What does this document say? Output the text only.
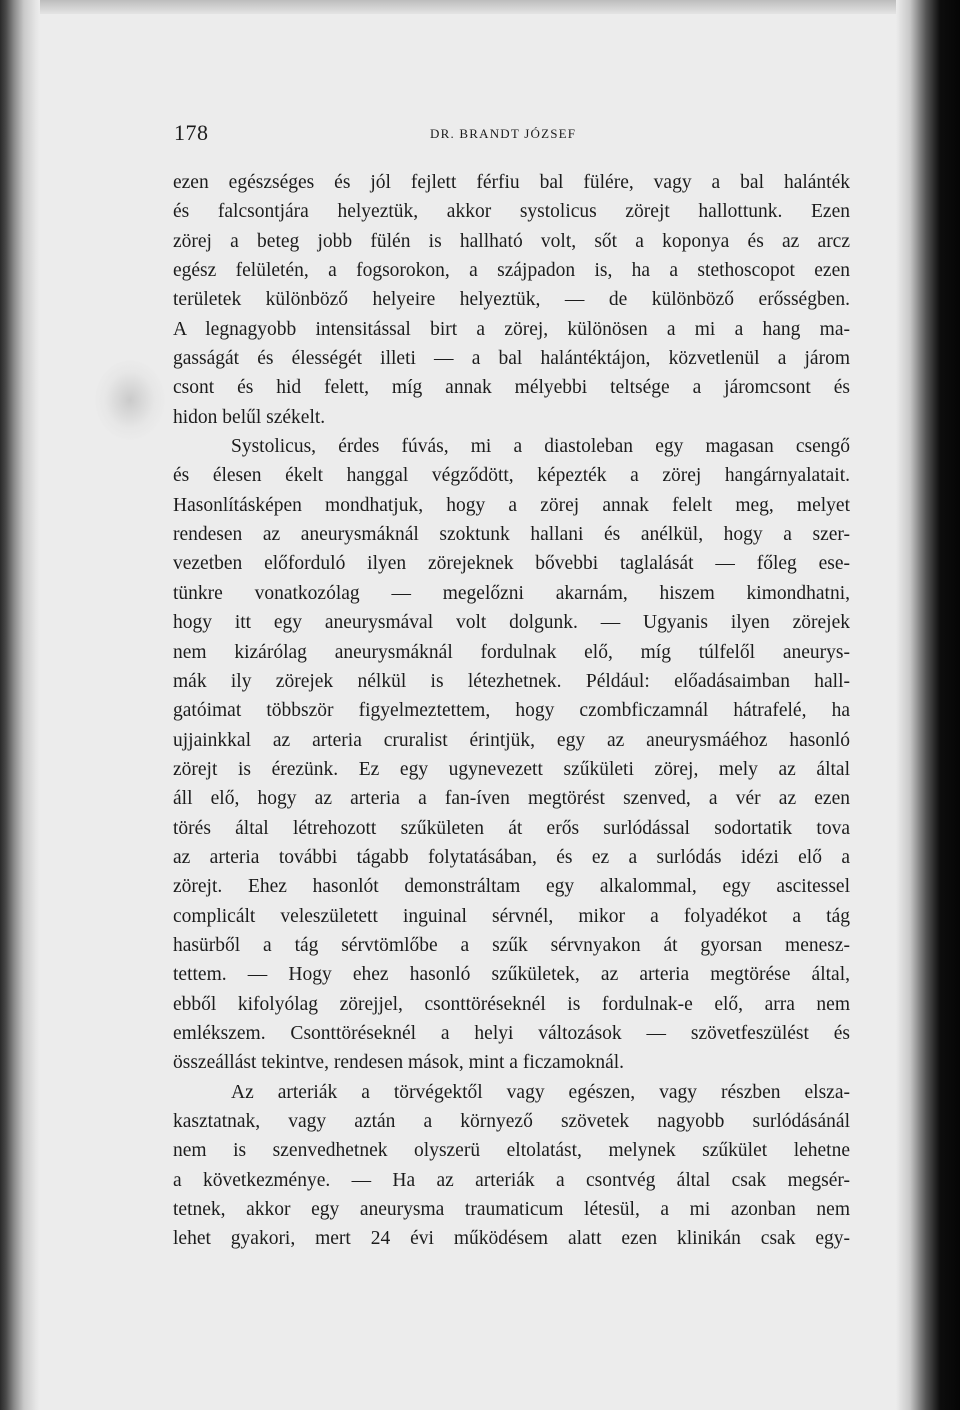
178	DR. BRANDT JÓZSEF
ezen egészséges és jól fejlett férfiu bal fülére, vagy a bal halánték
és falcsontjára helyeztük, akkor systolicus zörejt hallottunk. Ezen
zörej a beteg jobb fülén is hallható volt, sőt a koponya és az arcz
egész felületén, a fogsorokon, a szájpadon is, ha a stethoscopot ezen
területek különböző helyeire helyeztük, — de különböző erősségben.
A legnagyobb intensitással birt a zörej, különösen a mi a hang ma-
gasságát és élességét illeti — a bal halántéktájon, közvetlenül a járom
csont és hid felett, míg annak mélyebbi teltsége a járomcsont és
hidon belűl székelt.
Systolicus, érdes fúvás, mi a diastoleban egy magasan csengő
és élesen ékelt hanggal végződött, képezték a zörej hangárnyalatait.
Hasonlításképen mondhatjuk, hogy a zörej annak felelt meg, melyet
rendesen az aneurysmáknál szoktunk hallani és anélkül, hogy a szer-
vezetben előforduló ilyen zörejeknek bővebbi taglalását — főleg ese-
tünkre vonatkozólag — megelőzni akarnám, hiszem kimondhatni,
hogy itt egy aneurysmával volt dolgunk. — Ugyanis ilyen zörejek
nem kizárólag aneurysmáknál fordulnak elő, míg túlfelől aneurys-
mák ily zörejek nélkül is létezhetnek. Például: előadásaimban hall-
gatóimat többször figyelmeztettem, hogy czombficzamnál hátrafelé, ha
ujjainkkal az arteria cruralist érintjük, egy az aneurysmáéhoz hasonló
zörejt is érezünk. Ez egy ugynevezett szűkületi zörej, mely az által
áll elő, hogy az arteria a fan-íven megtörést szenved, a vér az ezen
törés által létrehozott szűkületen át erős surlódással sodortatik tova
az arteria további tágabb folytatásában, és ez a surlódás idézi elő a
zörejt. Ehez hasonlót demonstráltam egy alkalommal, egy ascitessel
complicált veleszületett inguinal sérvnél, mikor a folyadékot a tág
hasürből a tág sérvtömlőbe a szűk sérvnyakon át gyorsan menesz-
tettem. — Hogy ehez hasonló szűkületek, az arteria megtörése által,
ebből kifolyólag zörejjel, csonttöréseknél is fordulnak-e elő, arra nem
emlékszem. Csonttöréseknél a helyi változások — szövetfeszülést és
összeállást tekintve, rendesen mások, mint a ficzamoknál.
Az arteriák a törvégektől vagy egészen, vagy részben elsza-
kasztatnak, vagy aztán a környező szövetek nagyobb surlódásánál
nem is szenvedhetnek olyszerü eltolatást, melynek szűkület lehetne
a következménye. — Ha az arteriák a csontvég által csak megsér-
tetnek, akkor egy aneurysma traumaticum létesül, a mi azonban nem
lehet gyakori, mert 24 évi működésem alatt ezen klinikán csak egy-
